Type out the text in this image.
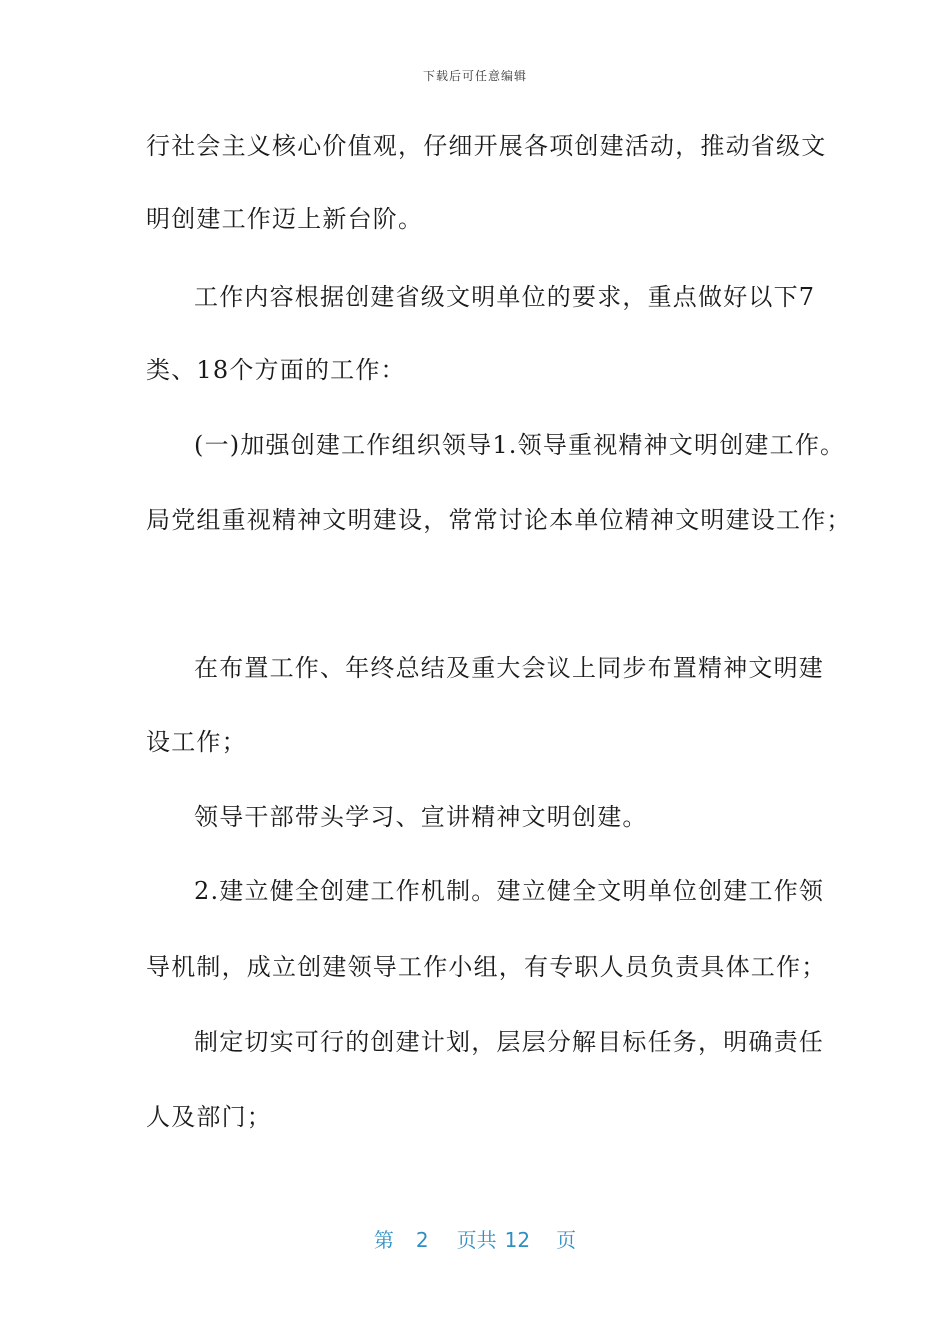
下载后可任意编辑
行社会主义核心价值观，仔细开展各项创建活动，推动省级文
明创建工作迈上新台阶。
工作内容根据创建省级文明单位的要求，重点做好以下7
类、18个方面的工作：
(一)加强创建工作组织领导1.领导重视精神文明创建工作。
局党组重视精神文明建设，常常讨论本单位精神文明建设工作；
在布置工作、年终总结及重大会议上同步布置精神文明建
设工作；
领导干部带头学习、宣讲精神文明创建。
2.建立健全创建工作机制。建立健全文明单位创建工作领
导机制，成立创建领导工作小组，有专职人员负责具体工作；
制定切实可行的创建计划，层层分解目标任务，明确责任
人及部门；
第 2 页共 12 页
